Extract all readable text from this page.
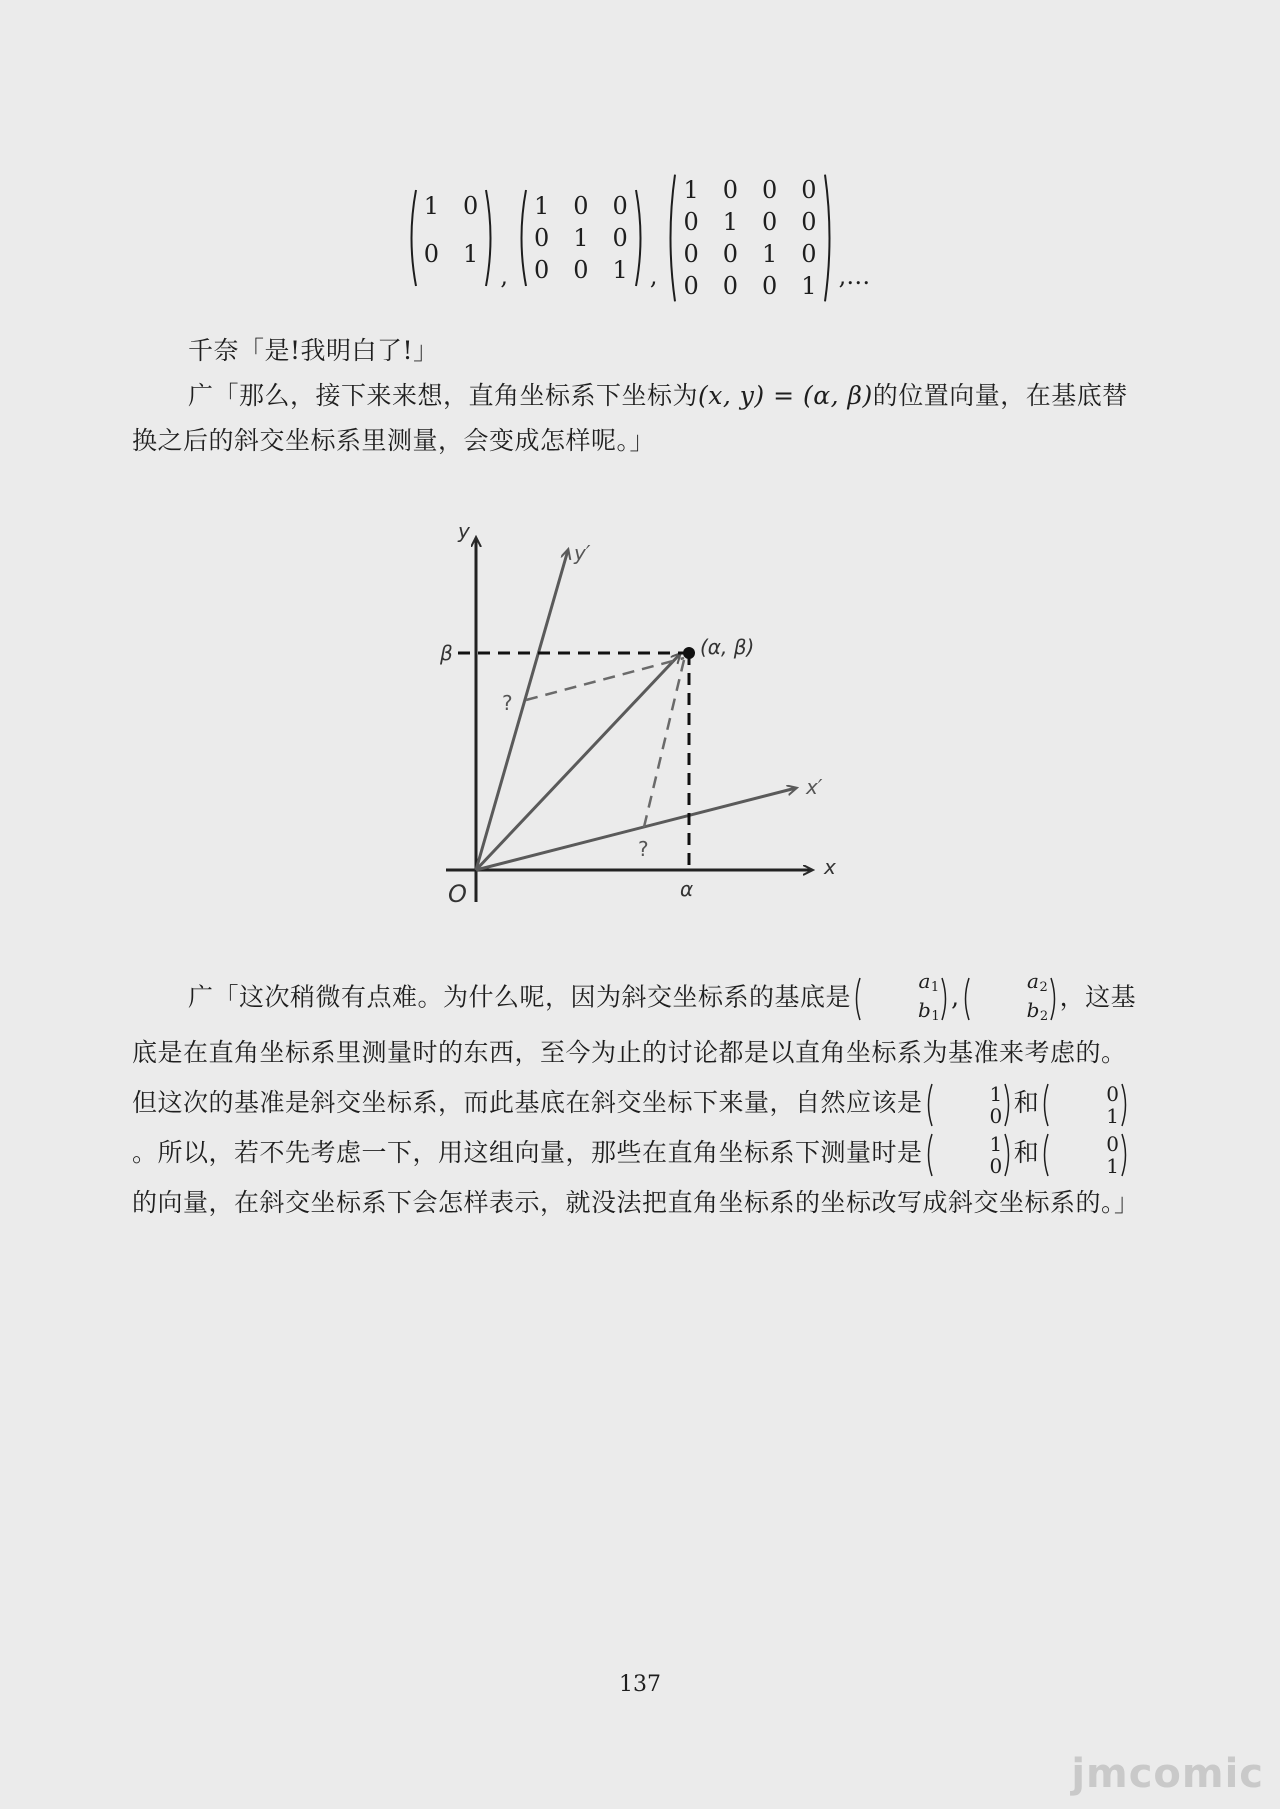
1 0
0 1
,
1 0 0
0 1 0
0 0 1 ,
1 0 0 0
0 1 0 0
0 0 1 0
0 0 0 1 ,…
千奈「是!我明白了!」
广「那么，接下来来想，直角坐标系下坐标为(x, y) = (α, β)的位置向量，在基底替换之后的斜交坐标系里测量，会变成怎样呢。」
y
y′
x
x′
O
β
α
(α, β)
?
?
广「这次稍微有点难。为什么呢，因为斜交坐标系的基底是
$a_1$
$b_1$
,
$a_2$
$b_2$
，这基底是在直角坐标系里测量时的东西，至今为止的讨论都是以直角坐标系为基准来考虑的。但这次的基准是斜交坐标系，而此基底在斜交坐标下来量，自然应该是	1
0 和	0
1
。所以，若不先考虑一下，用这组向量，那些在直角坐标系下测量时是	1
0 和	0
1
的向量，在斜交坐标系下会怎样表示，就没法把直角坐标系的坐标改写成斜交坐标系的。」
137
jmcomic
